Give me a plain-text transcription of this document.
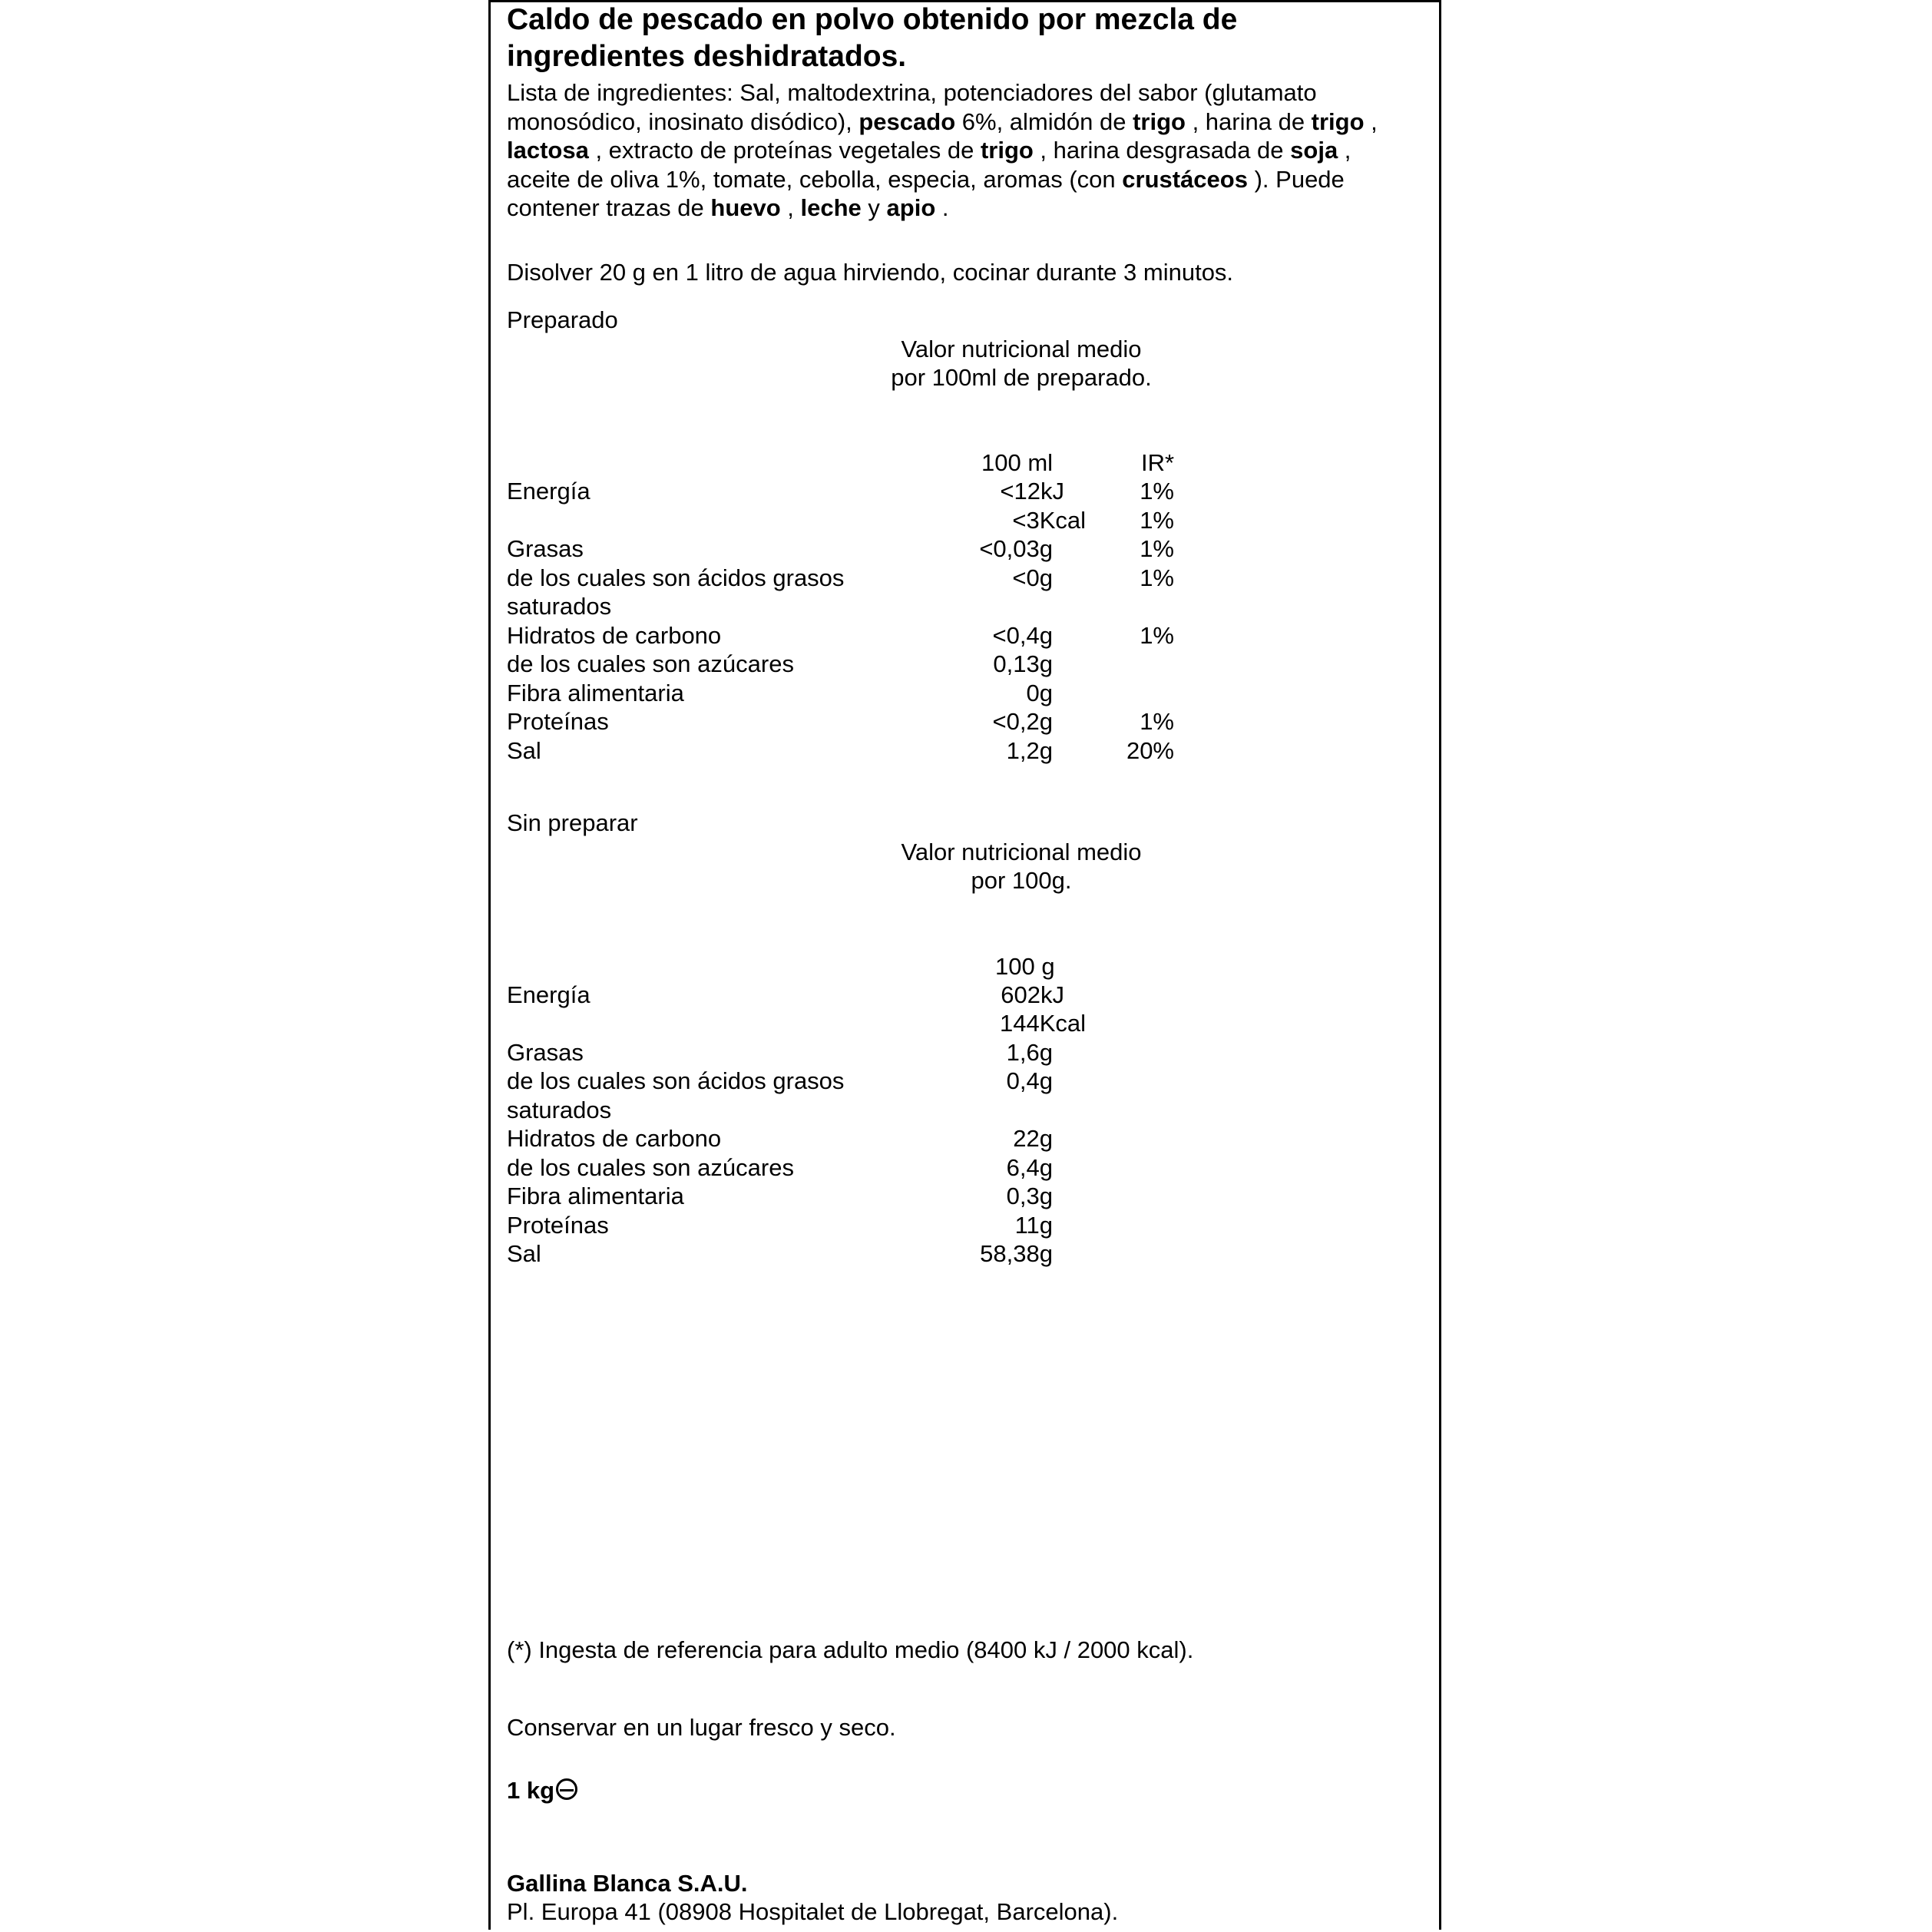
Caldo de pescado en polvo obtenido por mezcla de
ingredientes deshidratados.
Lista de ingredientes: Sal, maltodextrina, potenciadores del sabor (glutamato
monosódico, inosinato disódico), pescado 6%, almidón de trigo , harina de trigo ,
lactosa , extracto de proteínas vegetales de trigo , harina desgrasada de soja ,
aceite de oliva 1%, tomate, cebolla, especia, aromas (con crustáceos ). Puede
contener trazas de huevo , leche y apio .
Disolver 20 g en 1 litro de agua hirviendo, cocinar durante 3 minutos.
Preparado
Valor nutricional medio
por 100ml de preparado.
100 ml	IR*
Energía	<12kJ	1%
<3Kcal 1%
Grasas	<0,03g	1%
de los cuales son ácidos grasos	<0g	1%
saturados
Hidratos de carbono	<0,4g	1%
de los cuales son azúcares	0,13g
Fibra alimentaria	0g
Proteínas	<0,2g	1%
Sal	1,2g	20%
Sin preparar
Valor nutricional medio
por 100g.
100 g
Energía	602kJ
144Kcal
Grasas	1,6g
de los cuales son ácidos grasos	0,4g
saturados
Hidratos de carbono	22g
de los cuales son azúcares	6,4g
Fibra alimentaria	0,3g
Proteínas	11g
Sal	58,38g
(*) Ingesta de referencia para adulto medio (8400 kJ / 2000 kcal).
Conservar en un lugar fresco y seco.
1 kg
Gallina Blanca S.A.U.
Pl. Europa 41 (08908 Hospitalet de Llobregat, Barcelona).
